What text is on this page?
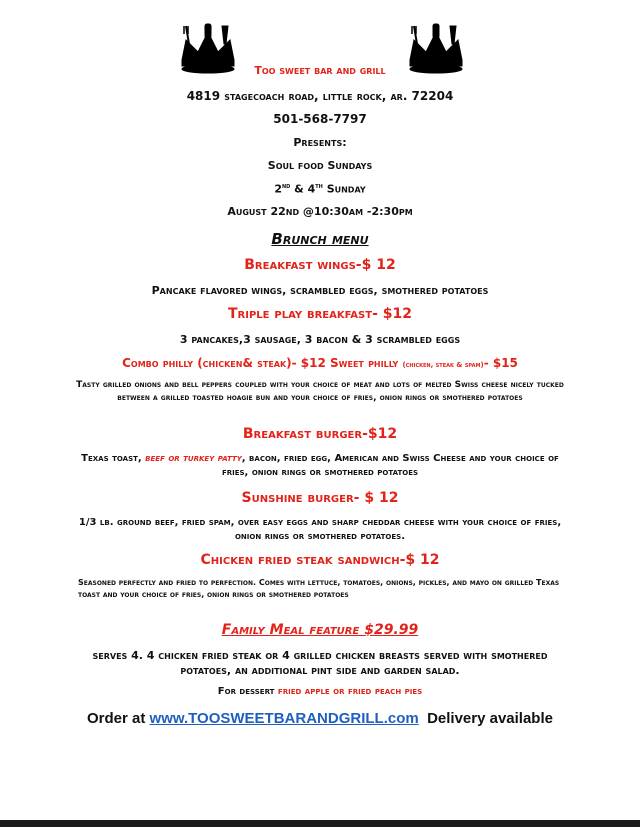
Too sweet bar and grill
4819 stagecoach road, little rock, ar. 72204
501-568-7797
Presents:
Soul food Sundays
2nd & 4th Sunday
August 22nd @10:30am -2:30pm
Brunch menu
Breakfast wings-$ 12
Pancake flavored wings, scrambled eggs, smothered potatoes
Triple play breakfast- $12
3 pancakes,3 sausage, 3 bacon & 3 scrambled eggs
Combo philly (chicken& steak)- $12 Sweet philly (chicken, steak & spam)- $15
Tasty grilled onions and bell peppers coupled with your choice of meat and lots of melted Swiss cheese nicely tucked between a grilled toasted hoagie bun and your choice of fries, onion rings or smothered potatoes
Breakfast burger-$12
Texas toast, beef or turkey patty, bacon, fried egg, American and Swiss Cheese and your choice of fries, onion rings or smothered potatoes
Sunshine burger- $ 12
1/3 lb. ground beef, fried spam, over easy eggs and sharp cheddar cheese with your choice of fries, onion rings or smothered potatoes.
Chicken fried steak sandwich-$ 12
Seasoned perfectly and fried to perfection. Comes with lettuce, tomatoes, onions, pickles, and mayo on grilled Texas toast and your choice of fries, onion rings or smothered potatoes
Family Meal feature $29.99
serves 4. 4 chicken fried steak or 4 grilled chicken breasts served with smothered potatoes, an additional pint side and garden salad.
For dessert fried apple or fried peach pies
Order at www.TOOSWEETBARANDGRILL.com Delivery available
